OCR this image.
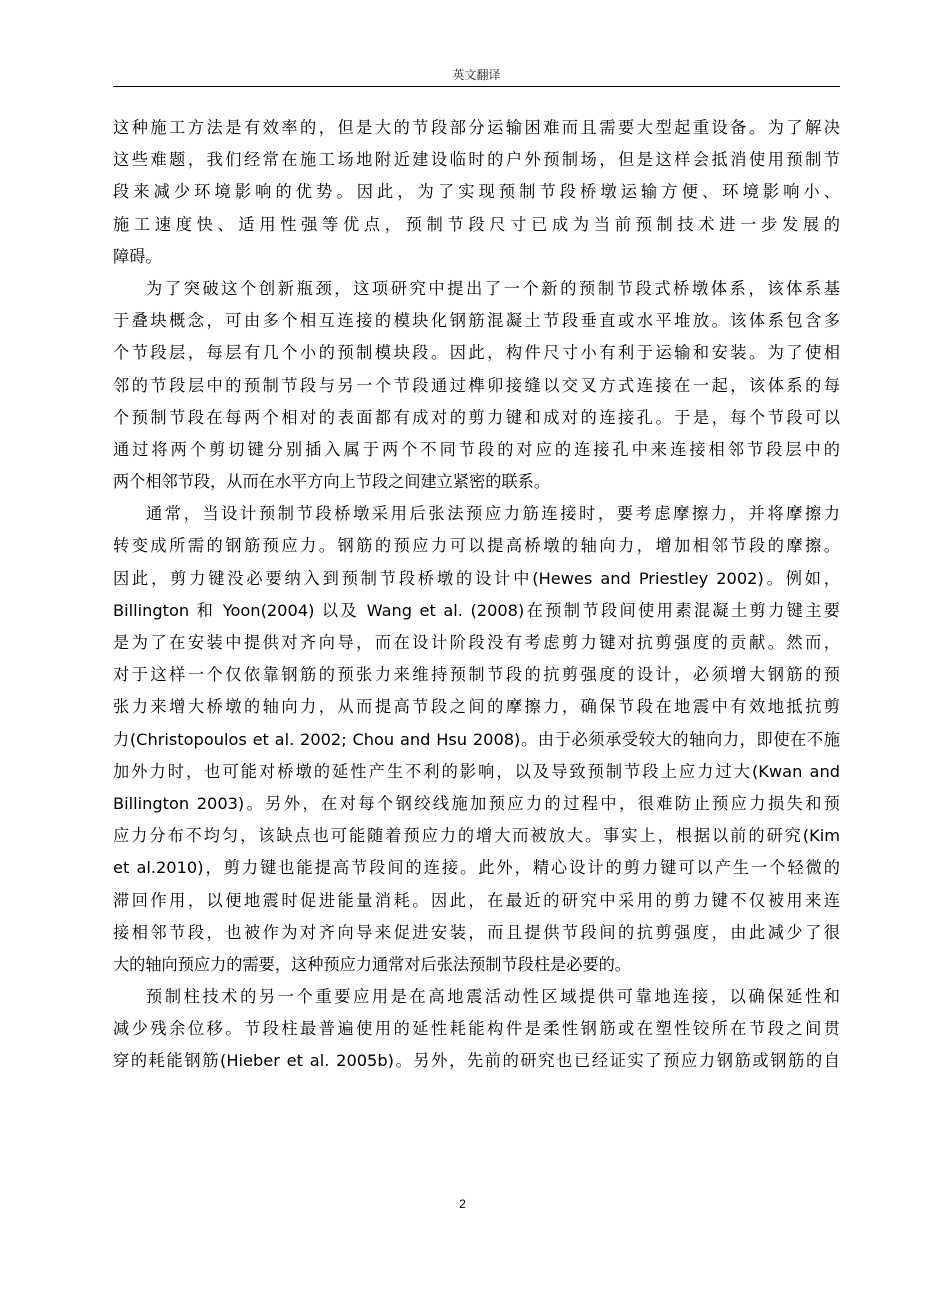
英文翻译
这种施工方法是有效率的，但是大的节段部分运输困难而且需要大型起重设备。为了解决
这些难题，我们经常在施工场地附近建设临时的户外预制场，但是这样会抵消使用预制节
段来减少环境影响的优势。因此，为了实现预制节段桥墩运输方便、环境影响小、
施工速度快、适用性强等优点，预制节段尺寸已成为当前预制技术进一步发展的
障碍。
为了突破这个创新瓶颈，这项研究中提出了一个新的预制节段式桥墩体系，该体系基
于叠块概念，可由多个相互连接的模块化钢筋混凝土节段垂直或水平堆放。该体系包含多
个节段层，每层有几个小的预制模块段。因此，构件尺寸小有利于运输和安装。为了使相
邻的节段层中的预制节段与另一个节段通过榫卯接缝以交叉方式连接在一起，该体系的每
个预制节段在每两个相对的表面都有成对的剪力键和成对的连接孔。于是，每个节段可以
通过将两个剪切键分别插入属于两个不同节段的对应的连接孔中来连接相邻节段层中的
两个相邻节段，从而在水平方向上节段之间建立紧密的联系。
通常，当设计预制节段桥墩采用后张法预应力筋连接时，要考虑摩擦力，并将摩擦力
转变成所需的钢筋预应力。钢筋的预应力可以提高桥墩的轴向力，增加相邻节段的摩擦。
因此，剪力键没必要纳入到预制节段桥墩的设计中(Hewes and Priestley 2002)。例如，
Billington 和 Yoon(2004) 以及 Wang et al. (2008)在预制节段间使用素混凝土剪力键主要
是为了在安装中提供对齐向导，而在设计阶段没有考虑剪力键对抗剪强度的贡献。然而，
对于这样一个仅依靠钢筋的预张力来维持预制节段的抗剪强度的设计，必须增大钢筋的预
张力来增大桥墩的轴向力，从而提高节段之间的摩擦力，确保节段在地震中有效地抵抗剪
力(Christopoulos et al. 2002; Chou and Hsu 2008)。由于必须承受较大的轴向力，即使在不施
加外力时，也可能对桥墩的延性产生不利的影响，以及导致预制节段上应力过大(Kwan and
Billington 2003)。另外，在对每个钢绞线施加预应力的过程中，很难防止预应力损失和预
应力分布不均匀，该缺点也可能随着预应力的增大而被放大。事实上，根据以前的研究(Kim
et al.2010)，剪力键也能提高节段间的连接。此外，精心设计的剪力键可以产生一个轻微的
滞回作用，以便地震时促进能量消耗。因此，在最近的研究中采用的剪力键不仅被用来连
接相邻节段，也被作为对齐向导来促进安装，而且提供节段间的抗剪强度，由此减少了很
大的轴向预应力的需要，这种预应力通常对后张法预制节段柱是必要的。
预制柱技术的另一个重要应用是在高地震活动性区域提供可靠地连接，以确保延性和
减少残余位移。节段柱最普遍使用的延性耗能构件是柔性钢筋或在塑性铰所在节段之间贯
穿的耗能钢筋(Hieber et al. 2005b)。另外，先前的研究也已经证实了预应力钢筋或钢筋的自
2
